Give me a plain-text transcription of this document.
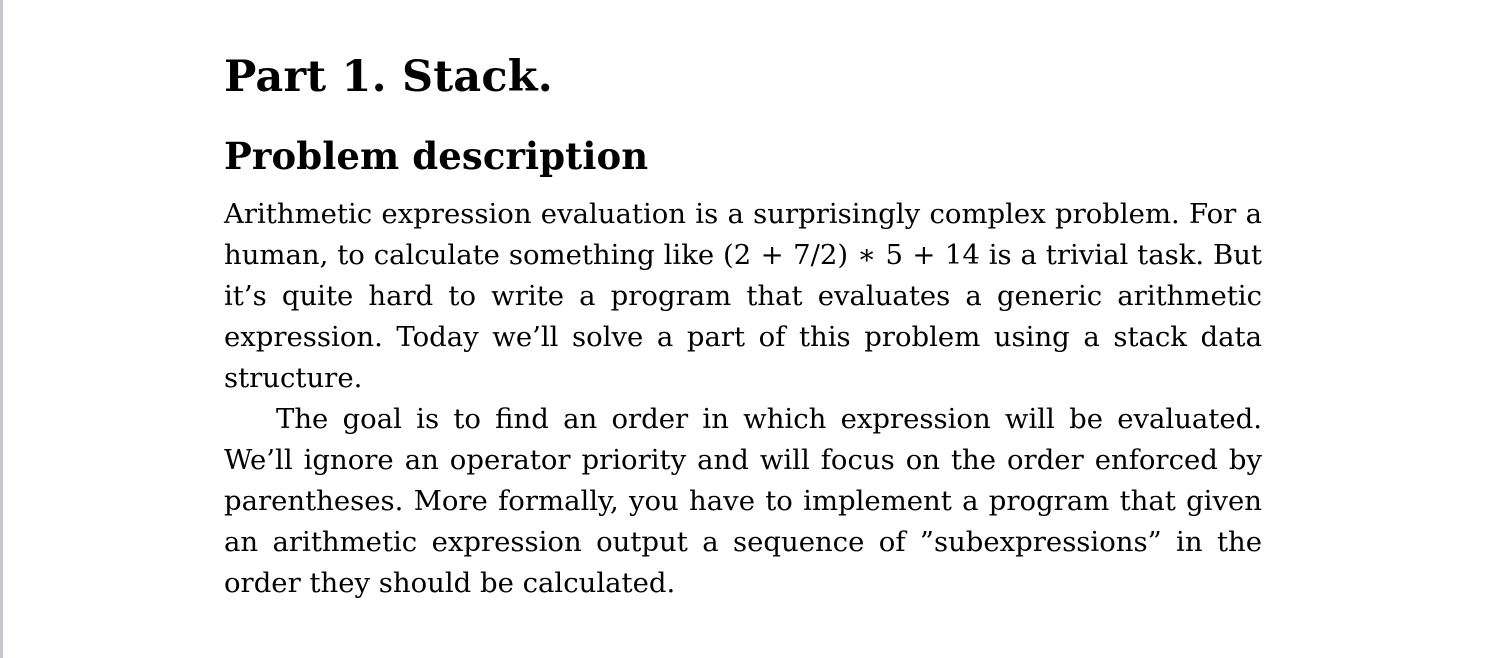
Part 1. Stack.
Problem description

Arithmetic expression evaluation is a surprisingly complex problem. For a human, to calculate something like (2 + 7/2) ∗ 5 + 14 is a trivial task. But it’s quite hard to write a program that evaluates a generic arithmetic expression. Today we’ll solve a part of this problem using a stack data structure.

The goal is to find an order in which expression will be evaluated. We’ll ignore an operator priority and will focus on the order enforced by parentheses. More formally, you have to implement a program that given an arithmetic expression output a sequence of ”subexpressions” in the order they should be calculated.
